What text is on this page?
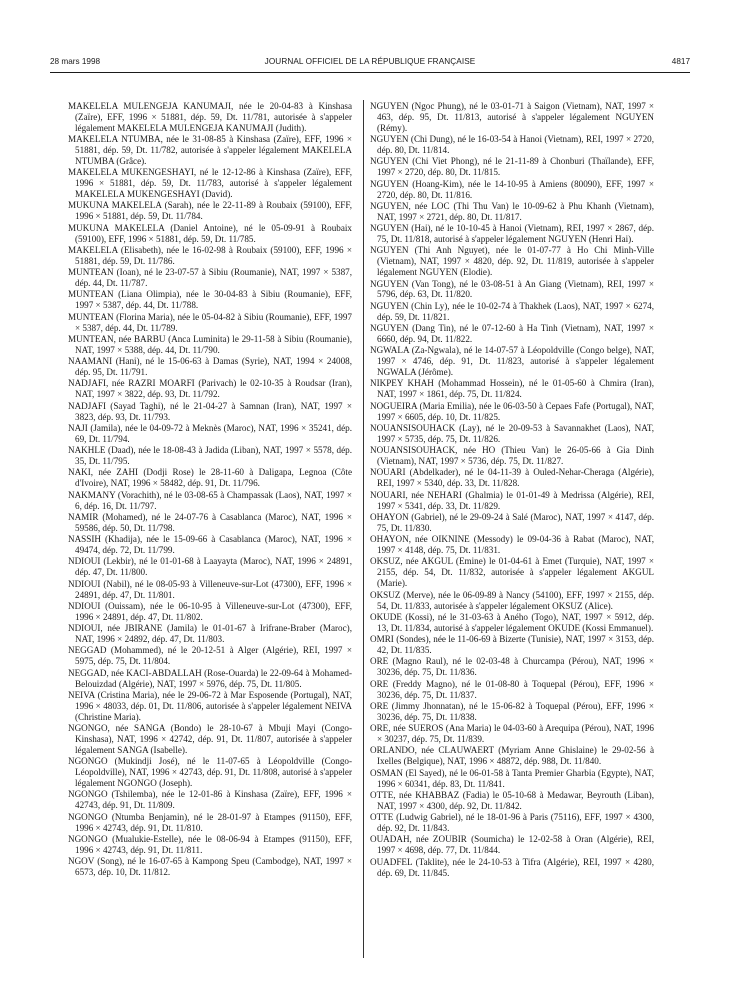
28 mars 1998	JOURNAL OFFICIEL DE LA RÉPUBLIQUE FRANÇAISE	4817

MAKELELA MULENGEJA KANUMAJI, née le 20-04-83 à Kinshasa (Zaïre), EFF, 1996 × 51881, dép. 59, Dt. 11/781, autorisée à s'appeler légalement MAKELELA MULENGEJA KANUMAJI (Judith).

MAKELELA NTUMBA, née le 31-08-85 à Kinshasa (Zaïre), EFF, 1996 × 51881, dép. 59, Dt. 11/782, autorisée à s'appeler légalement MAKELELA NTUMBA (Grâce).

MAKELELA MUKENGESHAYI, né le 12-12-86 à Kinshasa (Zaïre), EFF, 1996 × 51881, dép. 59, Dt. 11/783, autorisé à s'appeler légalement MAKELELA MUKENGESHAYI (David).

MUKUNA MAKELELA (Sarah), née le 22-11-89 à Roubaix (59100), EFF, 1996 × 51881, dép. 59, Dt. 11/784.

MUKUNA MAKELELA (Daniel Antoine), né le 05-09-91 à Roubaix (59100), EFF, 1996 × 51881, dép. 59, Dt. 11/785.

MAKELELA (Elisabeth), née le 16-02-98 à Roubaix (59100), EFF, 1996 × 51881, dép. 59, Dt. 11/786.

MUNTEAN (Ioan), né le 23-07-57 à Sibiu (Roumanie), NAT, 1997 × 5387, dép. 44, Dt. 11/787.

MUNTEAN (Liana Olimpia), née le 30-04-83 à Sibiu (Roumanie), EFF, 1997 × 5387, dép. 44, Dt. 11/788.

MUNTEAN (Florina Maria), née le 05-04-82 à Sibiu (Roumanie), EFF, 1997 × 5387, dép. 44, Dt. 11/789.

MUNTEAN, née BARBU (Anca Luminita) le 29-11-58 à Sibiu (Roumanie), NAT, 1997 × 5388, dép. 44, Dt. 11/790.

NAAMANI (Hani), né le 15-06-63 à Damas (Syrie), NAT, 1994 × 24008, dép. 95, Dt. 11/791.

NADJAFI, née RAZRI MOARFI (Parivach) le 02-10-35 à Roudsar (Iran), NAT, 1997 × 3822, dép. 93, Dt. 11/792.

NADJAFI (Sayad Taghi), né le 21-04-27 à Samnan (Iran), NAT, 1997 × 3823, dép. 93, Dt. 11/793.

NAJI (Jamila), née le 04-09-72 à Meknès (Maroc), NAT, 1996 × 35241, dép. 69, Dt. 11/794.

NAKHLE (Daad), née le 18-08-43 à Jadida (Liban), NAT, 1997 × 5578, dép. 35, Dt. 11/795.

NAKI, née ZAHI (Dodji Rose) le 28-11-60 à Daligapa, Legnoa (Côte d'Ivoire), NAT, 1996 × 58482, dép. 91, Dt. 11/796.

NAKMANY (Vorachith), né le 03-08-65 à Champassak (Laos), NAT, 1997 × 6, dép. 16, Dt. 11/797.

NAMIR (Mohamed), né le 24-07-76 à Casablanca (Maroc), NAT, 1996 × 59586, dép. 50, Dt. 11/798.

NASSIH (Khadija), née le 15-09-66 à Casablanca (Maroc), NAT, 1996 × 49474, dép. 72, Dt. 11/799.

NDIOUI (Lekbir), né le 01-01-68 à Laayayta (Maroc), NAT, 1996 × 24891, dép. 47, Dt. 11/800.

NDIOUI (Nabil), né le 08-05-93 à Villeneuve-sur-Lot (47300), EFF, 1996 × 24891, dép. 47, Dt. 11/801.

NDIOUI (Ouissam), née le 06-10-95 à Villeneuve-sur-Lot (47300), EFF, 1996 × 24891, dép. 47, Dt. 11/802.

NDIOUI, née JBIRANE (Jamila) le 01-01-67 à Irifrane-Braber (Maroc), NAT, 1996 × 24892, dép. 47, Dt. 11/803.

NEGGAD (Mohammed), né le 20-12-51 à Alger (Algérie), REI, 1997 × 5975, dép. 75, Dt. 11/804.

NEGGAD, née KACI-ABDALLAH (Rose-Ouarda) le 22-09-64 à Mohamed-Belouizdad (Algérie), NAT, 1997 × 5976, dép. 75, Dt. 11/805.

NEIVA (Cristina Maria), née le 29-06-72 à Mar Esposende (Portugal), NAT, 1996 × 48033, dép. 01, Dt. 11/806, autorisée à s'appeler légalement NEIVA (Christine Maria).

NGONGO, née SANGA (Bondo) le 28-10-67 à Mbuji Mayi (Congo-Kinshasa), NAT, 1996 × 42742, dép. 91, Dt. 11/807, autorisée à s'appeler légalement SANGA (Isabelle).

NGONGO (Mukindji José), né le 11-07-65 à Léopoldville (Congo-Léopoldville), NAT, 1996 × 42743, dép. 91, Dt. 11/808, autorisé à s'appeler légalement NGONGO (Joseph).

NGONGO (Tshilemba), née le 12-01-86 à Kinshasa (Zaïre), EFF, 1996 × 42743, dép. 91, Dt. 11/809.

NGONGO (Ntumba Benjamin), né le 28-01-97 à Etampes (91150), EFF, 1996 × 42743, dép. 91, Dt. 11/810.

NGONGO (Mualukie-Estelle), née le 08-06-94 à Etampes (91150), EFF, 1996 × 42743, dép. 91, Dt. 11/811.

NGOV (Song), né le 16-07-65 à Kampong Speu (Cambodge), NAT, 1997 × 6573, dép. 10, Dt. 11/812.

NGUYEN (Ngoc Phung), né le 03-01-71 à Saigon (Vietnam), NAT, 1997 × 463, dép. 95, Dt. 11/813, autorisé à s'appeler légalement NGUYEN (Rémy).

NGUYEN (Chi Dung), né le 16-03-54 à Hanoi (Vietnam), REI, 1997 × 2720, dép. 80, Dt. 11/814.

NGUYEN (Chi Viet Phong), né le 21-11-89 à Chonburi (Thaïlande), EFF, 1997 × 2720, dép. 80, Dt. 11/815.

NGUYEN (Hoang-Kim), née le 14-10-95 à Amiens (80090), EFF, 1997 × 2720, dép. 80, Dt. 11/816.

NGUYEN, née LOC (Thi Thu Van) le 10-09-62 à Phu Khanh (Vietnam), NAT, 1997 × 2721, dép. 80, Dt. 11/817.

NGUYEN (Hai), né le 10-10-45 à Hanoi (Vietnam), REI, 1997 × 2867, dép. 75, Dt. 11/818, autorisé à s'appeler légalement NGUYEN (Henri Hai).

NGUYEN (Thi Anh Nguyet), née le 01-07-77 à Ho Chi Minh-Ville (Vietnam), NAT, 1997 × 4820, dép. 92, Dt. 11/819, autorisée à s'appeler légalement NGUYEN (Elodie).

NGUYEN (Van Tong), né le 03-08-51 à An Giang (Vietnam), REI, 1997 × 5796, dép. 63, Dt. 11/820.

NGUYEN (Chin Ly), née le 10-02-74 à Thakhek (Laos), NAT, 1997 × 6274, dép. 59, Dt. 11/821.

NGUYEN (Dang Tin), né le 07-12-60 à Ha Tinh (Vietnam), NAT, 1997 × 6660, dép. 94, Dt. 11/822.

NGWALA (Za-Ngwala), né le 14-07-57 à Léopoldville (Congo belge), NAT, 1997 × 4746, dép. 91, Dt. 11/823, autorisé à s'appeler légalement NGWALA (Jérôme).

NIKPEY KHAH (Mohammad Hossein), né le 01-05-60 à Chmira (Iran), NAT, 1997 × 1861, dép. 75, Dt. 11/824.

NOGUEIRA (Maria Emilia), née le 06-03-50 à Cepaes Fafe (Portugal), NAT, 1997 × 6605, dép. 10, Dt. 11/825.

NOUANSISOUHACK (Lay), né le 20-09-53 à Savannakhet (Laos), NAT, 1997 × 5735, dép. 75, Dt. 11/826.

NOUANSISOUHACK, née HO (Thieu Van) le 26-05-66 à Gia Dinh (Vietnam), NAT, 1997 × 5736, dép. 75, Dt. 11/827.

NOUARI (Abdelkader), né le 04-11-39 à Ouled-Nehar-Cheraga (Algérie), REI, 1997 × 5340, dép. 33, Dt. 11/828.

NOUARI, née NEHARI (Ghalmia) le 01-01-49 à Medrissa (Algérie), REI, 1997 × 5341, dép. 33, Dt. 11/829.

OHAYON (Gabriel), né le 29-09-24 à Salé (Maroc), NAT, 1997 × 4147, dép. 75, Dt. 11/830.

OHAYON, née OIKNINE (Messody) le 09-04-36 à Rabat (Maroc), NAT, 1997 × 4148, dép. 75, Dt. 11/831.

OKSUZ, née AKGUL (Emine) le 01-04-61 à Emet (Turquie), NAT, 1997 × 2155, dép. 54, Dt. 11/832, autorisée à s'appeler légalement AKGUL (Marie).

OKSUZ (Merve), née le 06-09-89 à Nancy (54100), EFF, 1997 × 2155, dép. 54, Dt. 11/833, autorisée à s'appeler légalement OKSUZ (Alice).

OKUDE (Kossi), né le 31-03-63 à Aného (Togo), NAT, 1997 × 5912, dép. 13, Dt. 11/834, autorisé à s'appeler légalement OKUDE (Kossi Emmanuel).

OMRI (Sondes), née le 11-06-69 à Bizerte (Tunisie), NAT, 1997 × 3153, dép. 42, Dt. 11/835.

ORE (Magno Raul), né le 02-03-48 à Churcampa (Pérou), NAT, 1996 × 30236, dép. 75, Dt. 11/836.

ORE (Freddy Magno), né le 01-08-80 à Toquepal (Pérou), EFF, 1996 × 30236, dép. 75, Dt. 11/837.

ORE (Jimmy Jhonnatan), né le 15-06-82 à Toquepal (Pérou), EFF, 1996 × 30236, dép. 75, Dt. 11/838.

ORE, née SUEROS (Ana Maria) le 04-03-60 à Arequipa (Pérou), NAT, 1996 × 30237, dép. 75, Dt. 11/839.

ORLANDO, née CLAUWAERT (Myriam Anne Ghislaine) le 29-02-56 à Ixelles (Belgique), NAT, 1996 × 48872, dép. 988, Dt. 11/840.

OSMAN (El Sayed), né le 06-01-58 à Tanta Premier Gharbia (Egypte), NAT, 1996 × 60341, dép. 83, Dt. 11/841.

OTTE, née KHABBAZ (Fadia) le 05-10-68 à Medawar, Beyrouth (Liban), NAT, 1997 × 4300, dép. 92, Dt. 11/842.

OTTE (Ludwig Gabriel), né le 18-01-96 à Paris (75116), EFF, 1997 × 4300, dép. 92, Dt. 11/843.

OUADAH, née ZOUBIR (Soumicha) le 12-02-58 à Oran (Algérie), REI, 1997 × 4698, dép. 77, Dt. 11/844.

OUADFEL (Taklite), née le 24-10-53 à Tifra (Algérie), REI, 1997 × 4280, dép. 69, Dt. 11/845.
